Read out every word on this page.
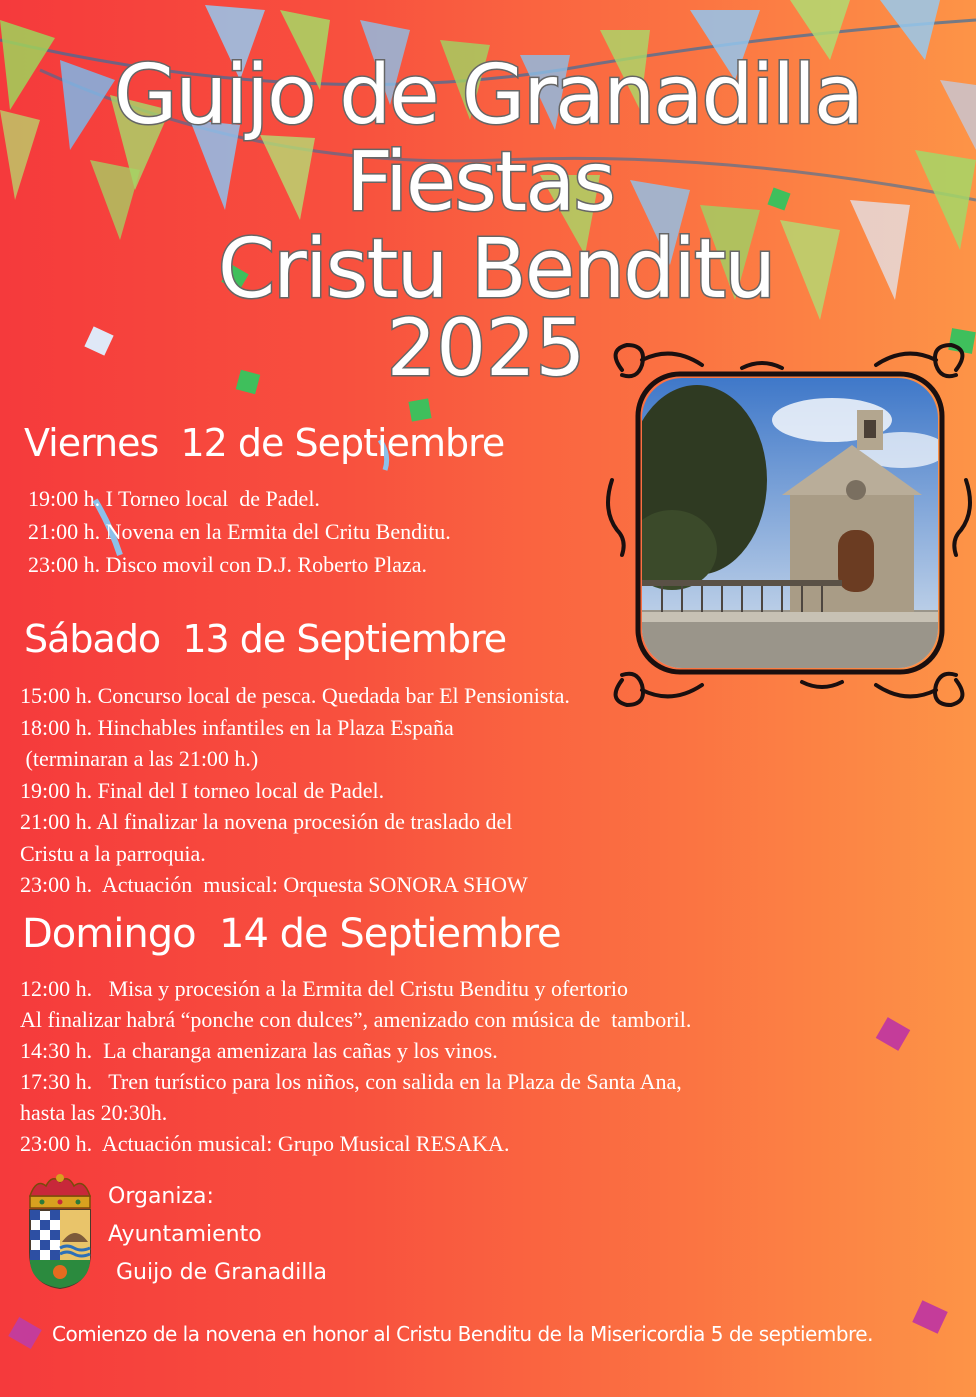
Guijo de Granadilla
Fiestas
Cristu Benditu
2025
Viernes  12 de Septiembre
19:00 h. I Torneo local  de Padel.
21:00 h. Novena en la Ermita del Critu Benditu.
23:00 h. Disco movil con D.J. Roberto Plaza.
Sábado  13 de Septiembre
15:00 h. Concurso local de pesca. Quedada bar El Pensionista.
18:00 h. Hinchables infantiles en la Plaza España
(terminaran a las 21:00 h.)
19:00 h. Final del I torneo local de Padel.
21:00 h. Al finalizar la novena procesión de traslado del
Cristu a la parroquia.
23:00 h.  Actuación  musical: Orquesta SONORA SHOW
Domingo  14 de Septiembre
12:00 h.   Misa y procesión a la Ermita del Cristu Benditu y ofertorio
Al finalizar habrá “ponche con dulces”, amenizado con música de  tamboril.
14:30 h.  La charanga amenizara las cañas y los vinos.
17:30 h.   Tren turístico para los niños, con salida en la Plaza de Santa Ana,
hasta las 20:30h.
23:00 h.  Actuación musical: Grupo Musical RESAKA.
Organiza:
Ayuntamiento
Guijo de Granadilla
Comienzo de la novena en honor al Cristu Benditu de la Misericordia 5 de septiembre.
